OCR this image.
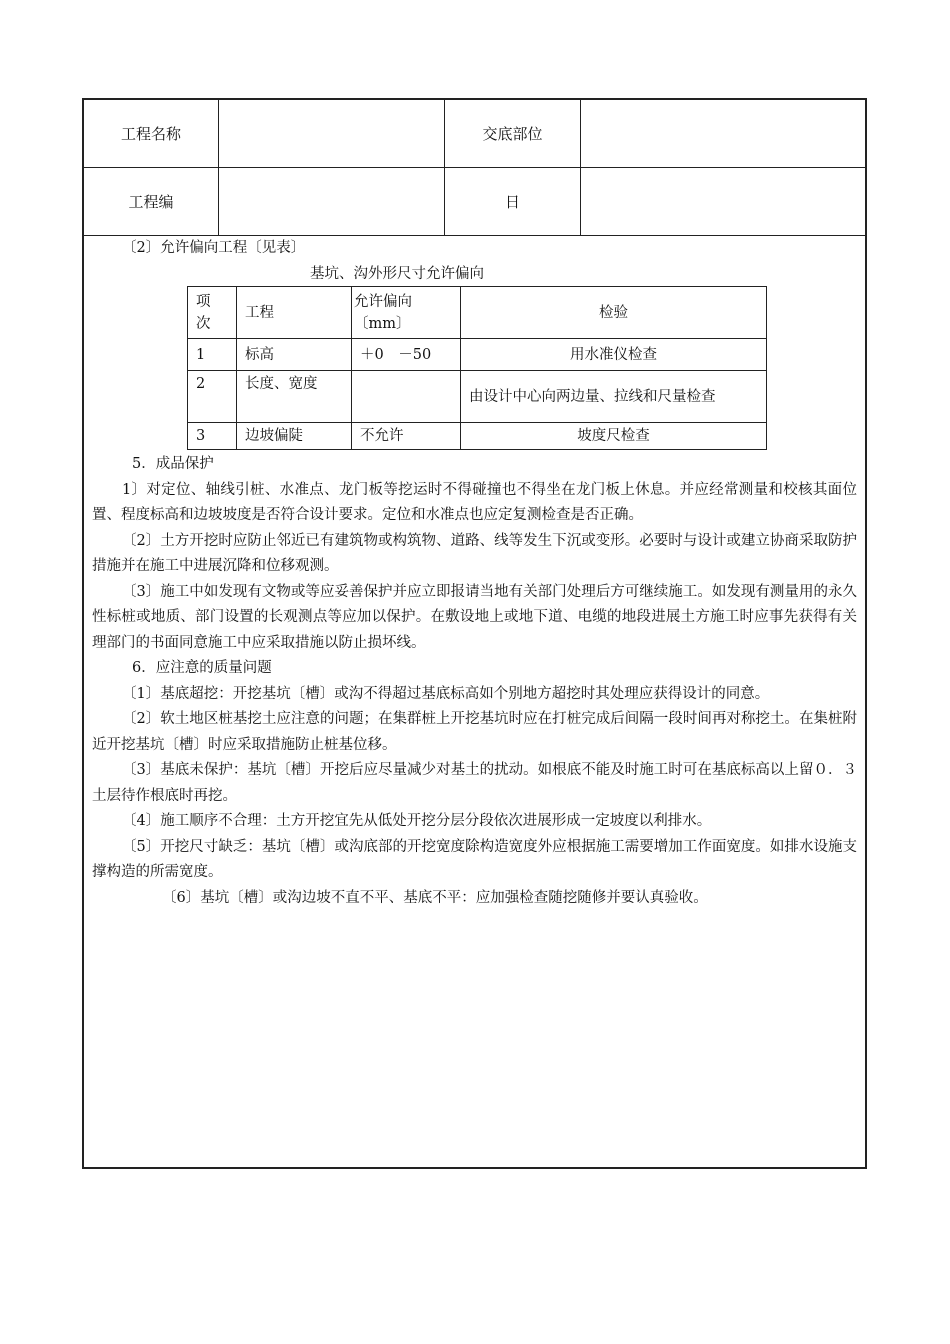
工程名称	交底部位
工程编	日
〔2〕允许偏向工程〔见表〕
基坑、沟外形尺寸允许偏向
项
次	工程	允许偏向〔mm〕	检验
1	标高	＋0　－50	用水准仪检查
2	长度、宽度		由设计中心向两边量、拉线和尺量检查
3	边坡偏陡	不允许	坡度尺检查
5．成品保护
1〕对定位、轴线引桩、水准点、龙门板等挖运时不得碰撞也不得坐在龙门板上休息。并应经常测量和校核其面位置、程度标高和边坡坡度是否符合设计要求。定位和水准点也应定复测检查是否正确。
〔2〕土方开挖时应防止邻近已有建筑物或构筑物、道路、线等发生下沉或变形。必要时与设计或建立协商采取防护措施并在施工中进展沉降和位移观测。
〔3〕施工中如发现有文物或等应妥善保护并应立即报请当地有关部门处理后方可继续施工。如发现有测量用的永久性标桩或地质、部门设置的长观测点等应加以保护。在敷设地上或地下道、电缆的地段进展土方施工时应事先获得有关理部门的书面同意施工中应采取措施以防止损坏线。
6．应注意的质量问题
〔1〕基底超挖：开挖基坑〔槽〕或沟不得超过基底标高如个别地方超挖时其处理应获得设计的同意。
〔2〕软土地区桩基挖土应注意的问题；在集群桩上开挖基坑时应在打桩完成后间隔一段时间再对称挖土。在集桩附近开挖基坑〔槽〕时应采取措施防止桩基位移。
〔3〕基底未保护：基坑〔槽〕开挖后应尽量减少对基土的扰动。如根底不能及时施工时可在基底标高以上留０．３土层待作根底时再挖。
〔4〕施工顺序不合理：土方开挖宜先从低处开挖分层分段依次进展形成一定坡度以利排水。
〔5〕开挖尺寸缺乏：基坑〔槽〕或沟底部的开挖宽度除构造宽度外应根据施工需要增加工作面宽度。如排水设施支撑构造的所需宽度。
〔6〕基坑〔槽〕或沟边坡不直不平、基底不平：应加强检查随挖随修并要认真验收。
